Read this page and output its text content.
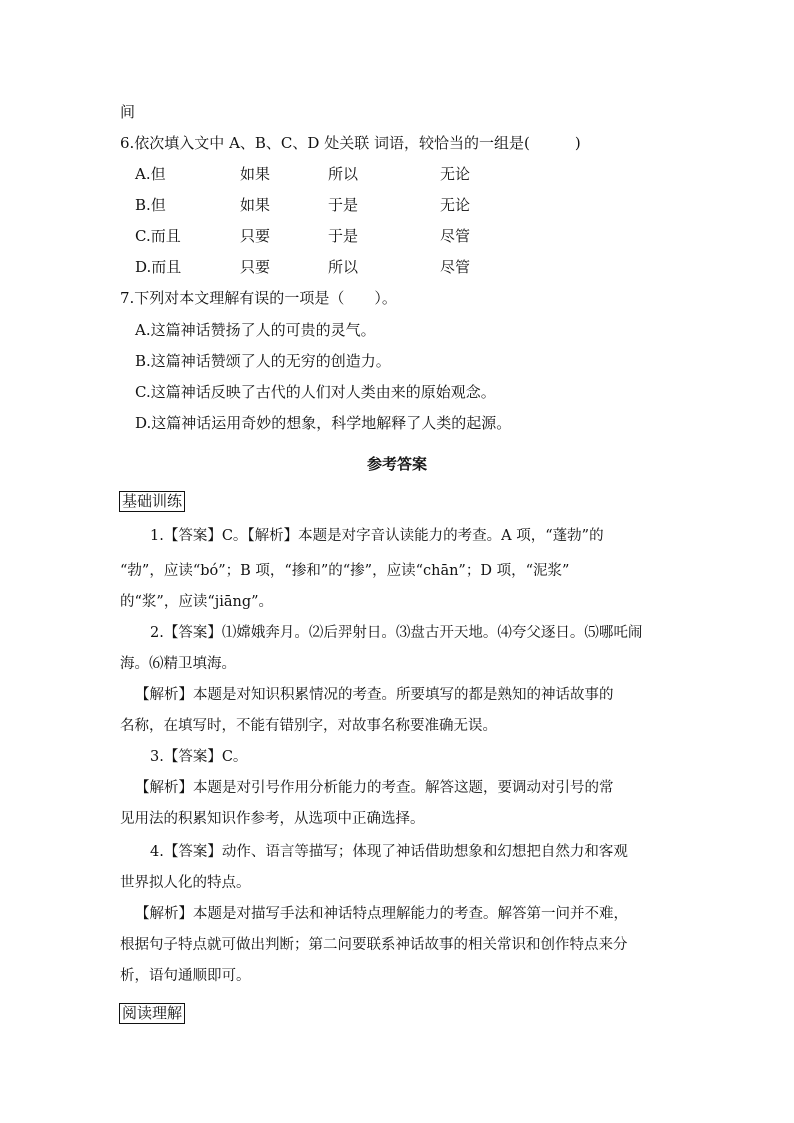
间
6.依次填入文中 A、B、C、D 处关联 词语，较恰当的一组是(　　　)
A.但	如果	所以	无论
B.但	如果	于是	无论
C.而且	只要	于是	尽管
D.而且	只要	所以	尽管
7.下列对本文理解有误的一项是（　　）。
A.这篇神话赞扬了人的可贵的灵气。
B.这篇神话赞颂了人的无穷的创造力。
C.这篇神话反映了古代的人们对人类由来的原始观念。
D.这篇神话运用奇妙的想象，科学地解释了人类的起源。
参考答案
基础训练
1.【答案】C。【解析】本题是对字音认读能力的考查。A 项，“蓬勃”的
“勃”，应读“bó”；B 项，“掺和”的“掺”，应读“chān”；D 项，“泥浆”
的“浆”，应读“jiāng”。
2.【答案】⑴嫦娥奔月。⑵后羿射日。⑶盘古开天地。⑷夸父逐日。⑸哪吒闹
海。⑹精卫填海。
【解析】本题是对知识积累情况的考查。所要填写的都是熟知的神话故事的
名称，在填写时，不能有错别字，对故事名称要准确无误。
3.【答案】C。
【解析】本题是对引号作用分析能力的考查。解答这题，要调动对引号的常
见用法的积累知识作参考，从选项中正确选择。
4.【答案】动作、语言等描写；体现了神话借助想象和幻想把自然力和客观
世界拟人化的特点。
【解析】本题是对描写手法和神话特点理解能力的考查。解答第一问并不难，
根据句子特点就可做出判断；第二问要联系神话故事的相关常识和创作特点来分
析，语句通顺即可。
阅读理解
